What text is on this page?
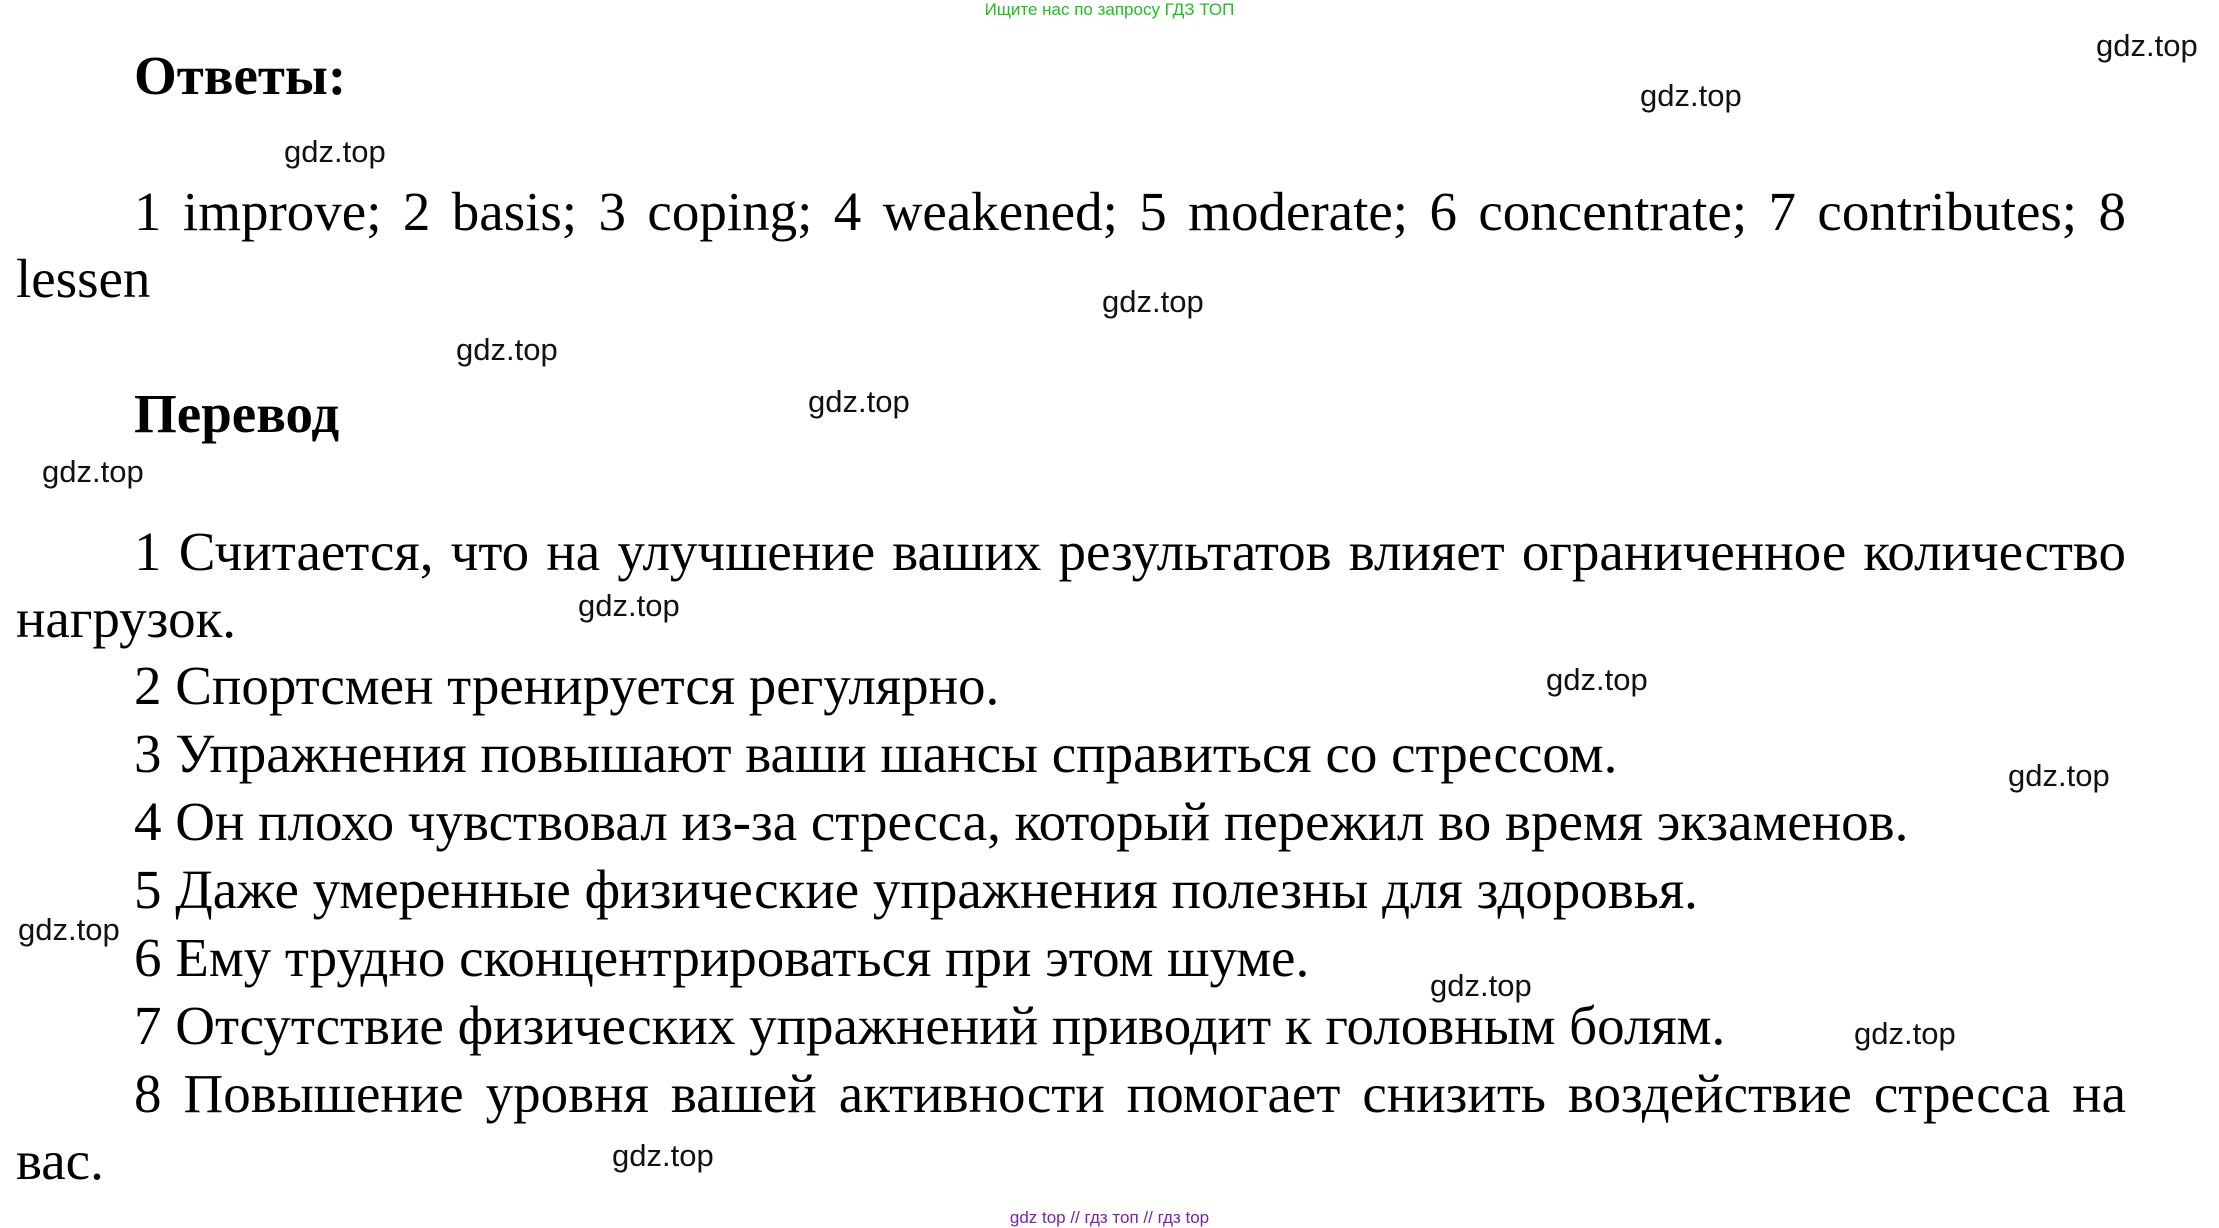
Ищите нас по запросу ГДЗ ТОП
Ответы:

1 improve; 2 basis; 3 coping; 4 weakened; 5 moderate; 6 concentrate; 7 contributes; 8 lessen

Перевод

1 Считается, что на улучшение ваших результатов влияет ограниченное количество нагрузок.

2 Спортсмен тренируется регулярно.

3 Упражнения повышают ваши шансы справиться со стрессом.

4 Он плохо чувствовал из-за стресса, который пережил во время экзаменов.

5 Даже умеренные физические упражнения полезны для здоровья.

6 Ему трудно сконцентрироваться при этом шуме.

7 Отсутствие физических упражнений приводит к головным болям.

8 Повышение уровня вашей активности помогает снизить воздействие стресса на вас.

gdz.top
gdz.top
gdz.top
gdz.top
gdz.top
gdz.top
gdz.top
gdz.top
gdz.top
gdz.top
gdz.top
gdz.top
gdz.top
gdz.top
gdz top // гдз топ // гдз top
